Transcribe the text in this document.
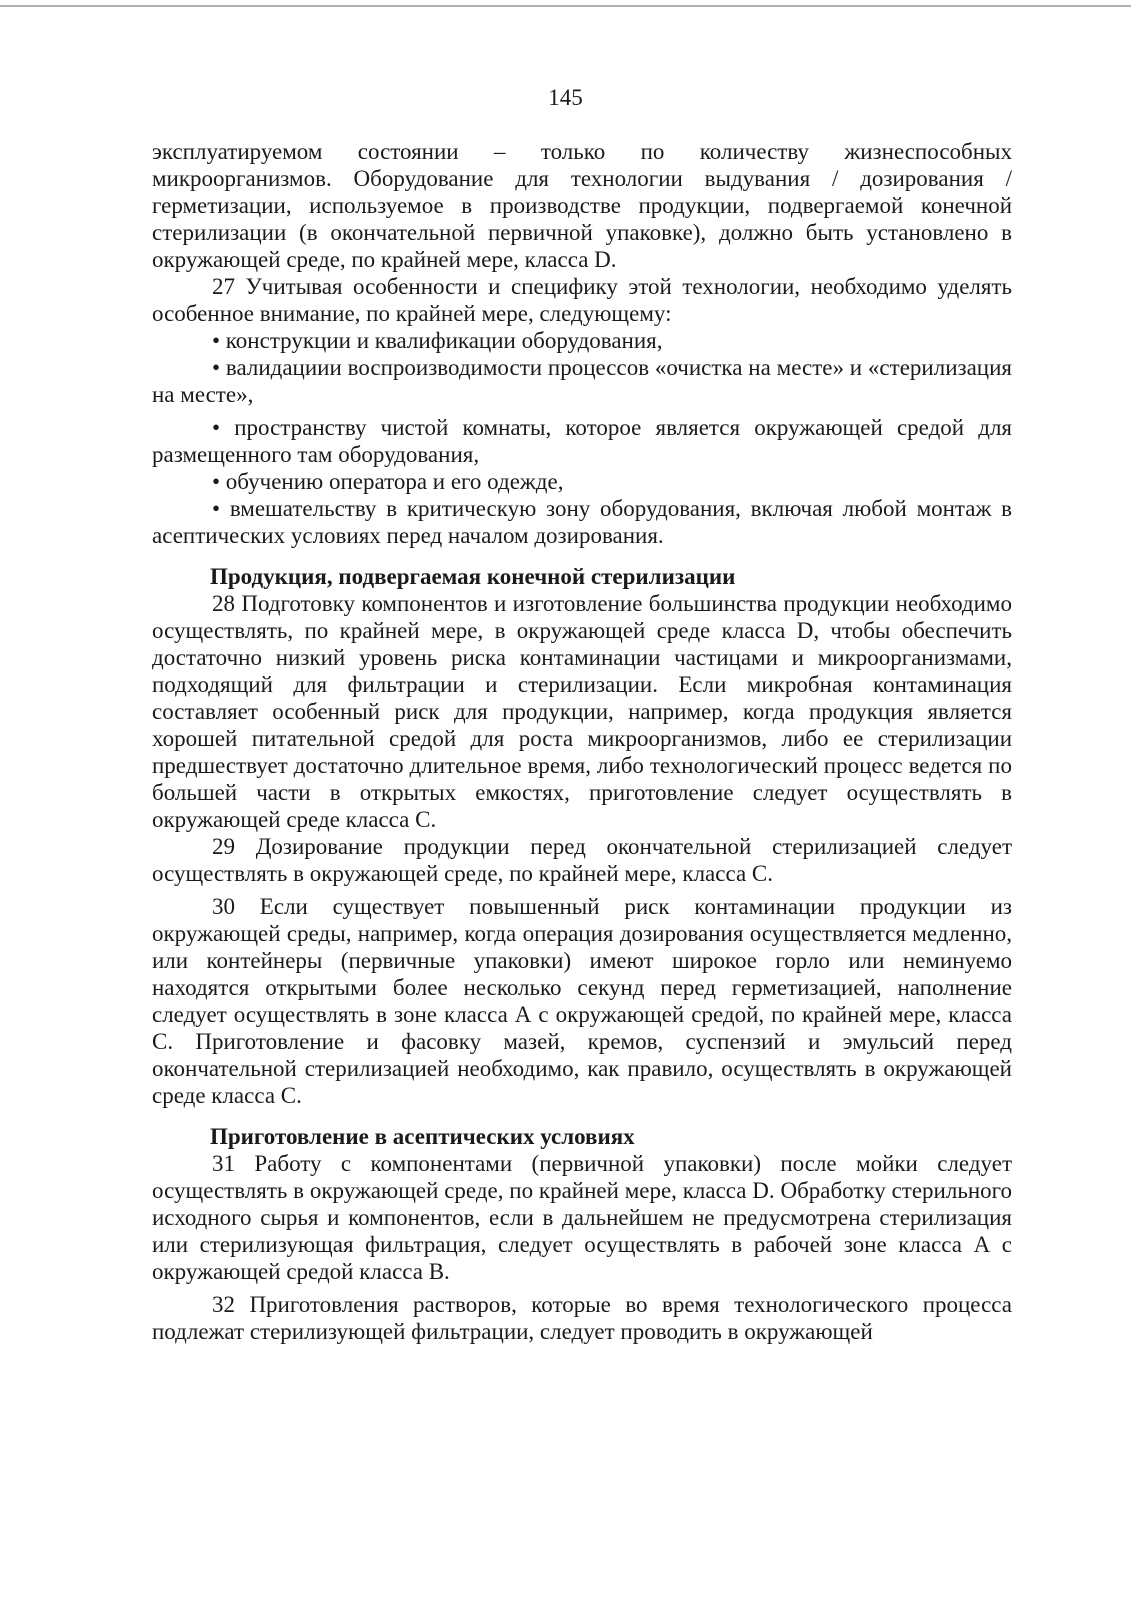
145

эксплуатируемом состоянии – только по количеству жизнеспособных микроорганизмов. Оборудование для технологии выдувания / дозирования / герметизации, используемое в производстве продукции, подвергаемой конечной стерилизации (в окончательной первичной упаковке), должно быть установлено в окружающей среде, по крайней мере, класса D.

27 Учитывая особенности и специфику этой технологии, необходимо уделять особенное внимание, по крайней мере, следующему:

• конструкции и квалификации оборудования,

• валидациии воспроизводимости процессов «очистка на месте» и «стерилизация на месте»,

• пространству чистой комнаты, которое является окружающей средой для размещенного там оборудования,

• обучению оператора и его одежде,

• вмешательству в критическую зону оборудования, включая любой монтаж в асептических условиях перед началом дозирования.

Продукция, подвергаемая конечной стерилизации

28 Подготовку компонентов и изготовление большинства продукции необходимо осуществлять, по крайней мере, в окружающей среде класса D, чтобы обеспечить достаточно низкий уровень риска контаминации частицами и микроорганизмами, подходящий для фильтрации и стерилизации. Если микробная контаминация составляет особенный риск для продукции, например, когда продукция является хорошей питательной средой для роста микроорганизмов, либо ее стерилизации предшествует достаточно длительное время, либо технологический процесс ведется по большей части в открытых емкостях, приготовление следует осуществлять в окружающей среде класса C.

29 Дозирование продукции перед окончательной стерилизацией следует осуществлять в окружающей среде, по крайней мере, класса C.

30 Если существует повышенный риск контаминации продукции из окружающей среды, например, когда операция дозирования осуществляется медленно, или контейнеры (первичные упаковки) имеют широкое горло или неминуемо находятся открытыми более несколько секунд перед герметизацией, наполнение следует осуществлять в зоне класса А с окружающей средой, по крайней мере, класса C. Приготовление и фасовку мазей, кремов, суспензий и эмульсий перед окончательной стерилизацией необходимо, как правило, осуществлять в окружающей среде класса C.

Приготовление в асептических условиях

31 Работу с компонентами (первичной упаковки) после мойки следует осуществлять в окружающей среде, по крайней мере, класса D. Обработку стерильного исходного сырья и компонентов, если в дальнейшем не предусмотрена стерилизация или стерилизующая фильтрация, следует осуществлять в рабочей зоне класса А с окружающей средой класса В.

32 Приготовления растворов, которые во время технологического процесса подлежат стерилизующей фильтрации, следует проводить в окружающей
